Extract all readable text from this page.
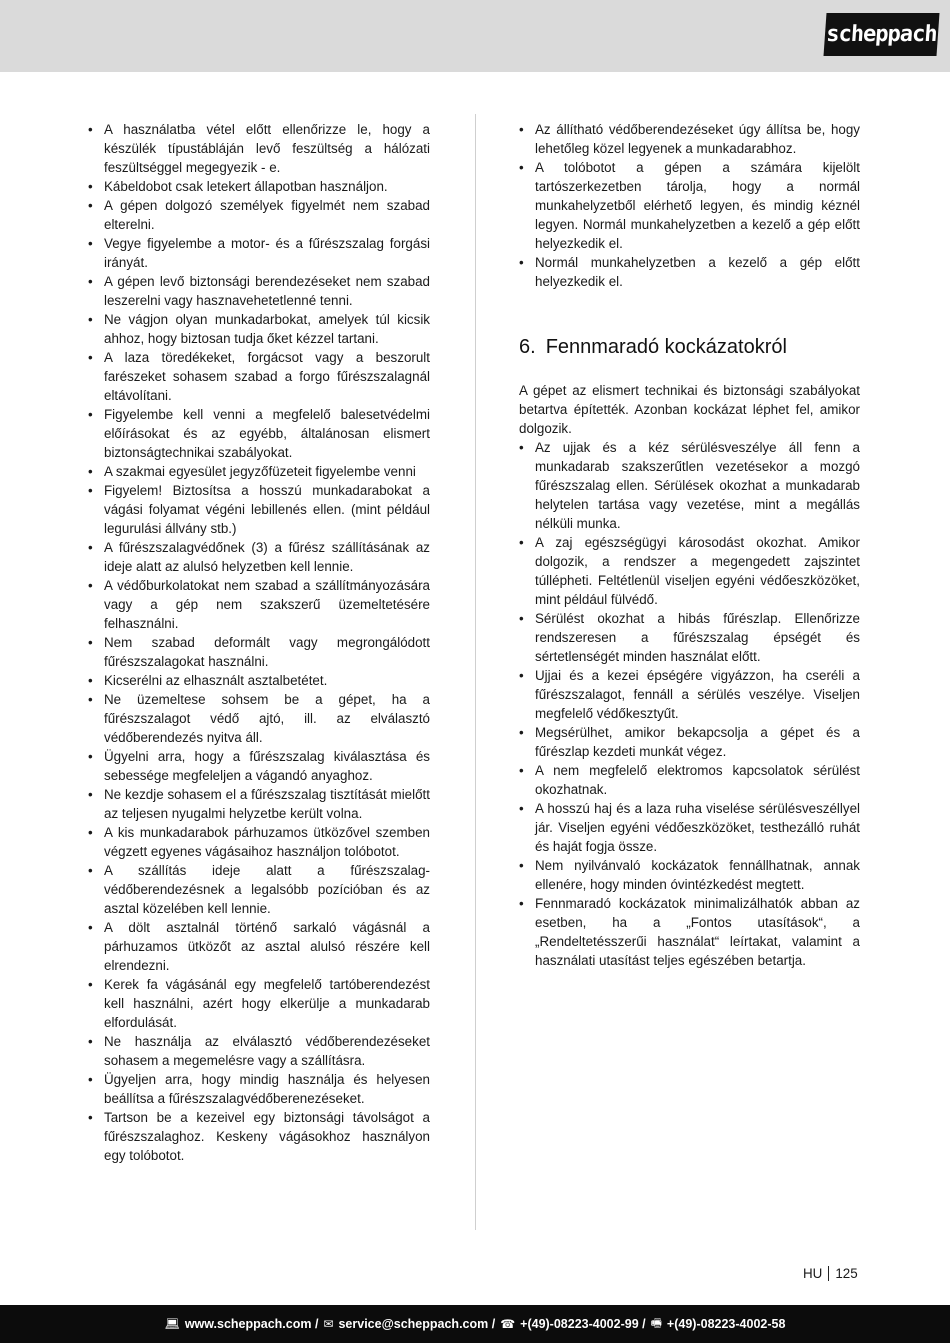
scheppach
• A használatba vétel előtt ellenőrizze le, hogy a készülék típustábláján levő feszültség a hálózati feszültséggel megegyezik - e.
• Kábeldobot csak letekert állapotban használjon.
• A gépen dolgozó személyek figyelmét nem szabad elterelni.
• Vegye figyelembe a motor- és a fűrészszalag forgási irányát.
• A gépen levő biztonsági berendezéseket nem szabad leszerelni vagy hasznavehetetlenné tenni.
• Ne vágjon olyan munkadarbokat, amelyek túl kicsik ahhoz, hogy biztosan tudja őket kézzel tartani.
• A laza töredékeket, forgácsot vagy a beszorult farészeket sohasem szabad a forgo fűrészszalagnál eltávolítani.
• Figyelembe kell venni a megfelelő balesetvédelmi előírásokat és az egyébb, általánosan elismert biztonságtechnikai szabályokat.
• A szakmai egyesület jegyzőfüzeteit figyelembe venni
• Figyelem! Biztosítsa a hosszú munkadarabokat a vágási folyamat végéni lebillenés ellen. (mint például legurulási állvány stb.)
• A fűrészszalagvédőnek (3) a fűrész szállításának az ideje alatt az alulsó helyzetben kell lennie.
• A védőburkolatokat nem szabad a szállítmányozására vagy a gép nem szakszerű üzemeltetésére felhasználni.
• Nem szabad deformált vagy megrongálódott fűrészszalagokat használni.
• Kicserélni az elhasznált asztalbetétet.
• Ne üzemeltese sohsem be a gépet, ha a fűrészszalagot védő ajtó, ill. az elválasztó védőberendezés nyitva áll.
• Ügyelni arra, hogy a fűrészszalag kiválasztása és sebessége megfeleljen a vágandó anyaghoz.
• Ne kezdje sohasem el a fűrészszalag tisztítását mielőtt az teljesen nyugalmi helyzetbe került volna.
• A kis munkadarabok párhuzamos ütközővel szemben végzett egyenes vágásaihoz használjon tolóbotot.
• A szállítás ideje alatt a fűrészszalag-védőberendezésnek a legalsóbb pozícióban és az asztal közelében kell lennie.
• A dölt asztalnál történő sarkaló vágásnál a párhuzamos ütközőt az asztal alulsó részére kell elrendezni.
• Kerek fa vágásánál egy megfelelő tartóberendezést kell használni, azért hogy elkerülje a munkadarab elfordulását.
• Ne használja az elválasztó védőberendezéseket sohasem a megemelésre vagy a szállításra.
• Ügyeljen arra, hogy mindig használja és helyesen beállítsa a fűrészszalagvédőberenezéseket.
• Tartson be a kezeivel egy biztonsági távolságot a fűrészszalaghoz. Keskeny vágásokhoz használyon egy tolóbotot.
• Az állítható védőberendezéseket úgy állítsa be, hogy lehetőleg közel legyenek a munkadarabhoz.
• A tolóbotot a gépen a számára kijelölt tartószerkezetben tárolja, hogy a normál munkahelyzetből elérhető legyen, és mindig kéznél legyen. Normál munkahelyzetben a kezelő a gép előtt helyezkedik el.
• Normál munkahelyzetben a kezelő a gép előtt helyezkedik el.
6. Fennmaradó kockázatokról

A gépet az elismert technikai és biztonsági szabályokat betartva építették. Azonban kockázat léphet fel, amikor dolgozik.

• Az ujjak és a kéz sérülésveszélye áll fenn a munkadarab szakszerűtlen vezetésekor a mozgó fűrészszalag ellen. Sérülések okozhat a munkadarab helytelen tartása vagy vezetése, mint a megállás nélküli munka.
• A zaj egészségügyi károsodást okozhat. Amikor dolgozik, a rendszer a megengedett zajszintet túllépheti. Feltétlenül viseljen egyéni védőeszközöket, mint például fülvédő.
• Sérülést okozhat a hibás fűrészlap. Ellenőrizze rendszeresen a fűrészszalag épségét és sértetlenségét minden használat előtt.
• Ujjai és a kezei épségére vigyázzon, ha cseréli a fűrészszalagot, fennáll a sérülés veszélye. Viseljen megfelelő védőkesztyűt.
• Megsérülhet, amikor bekapcsolja a gépet és a fűrészlap kezdeti munkát végez.
• A nem megfelelő elektromos kapcsolatok sérülést okozhatnak.
• A hosszú haj és a laza ruha viselése sérülésveszéllyel jár. Viseljen egyéni védőeszközöket, testhezálló ruhát és haját fogja össze.
• Nem nyilvánvaló kockázatok fennállhatnak, annak ellenére, hogy minden óvintézkedést megtett.
• Fennmaradó kockázatok minimalizálhatók abban az esetben, ha a „Fontos utasítások“, a „Rendeltetésszerűi használat“ leírtakat, valamint a használati utasítást teljes egészében betartja.
HU 125
💻︎ www.scheppach.com / ✉ service@scheppach.com / ☎ +(49)-08223-4002-99 / 🖷︎ +(49)-08223-4002-58
